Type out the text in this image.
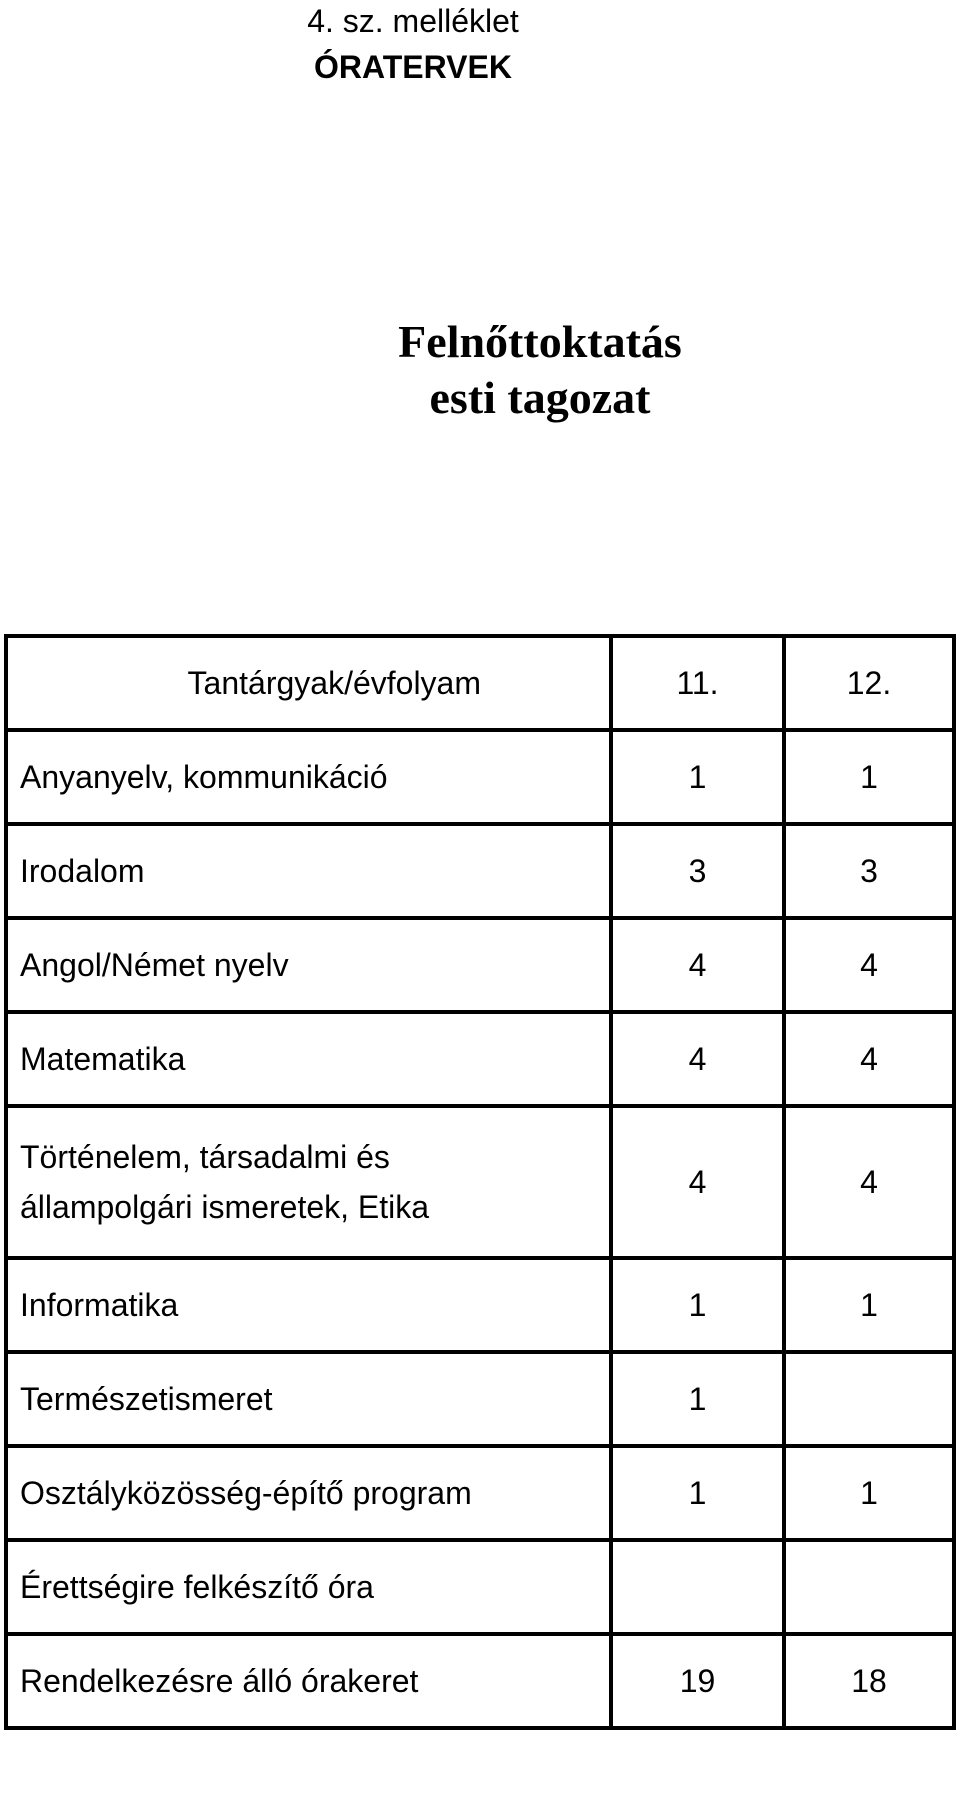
4. sz. melléklet
ÓRATERVEK
Felnőttoktatás
esti tagozat
Tantárgyak/évfolyam	11.	12.
Anyanyelv, kommunikáció	1	1
Irodalom	3	3
Angol/Német nyelv	4	4
Matematika	4	4

Történelem, társadalmi és
állampolgári ismeretek, Etika	4	4
Informatika	1	1
Természetismeret	1	
Osztályközösség-építő program	1	1
Érettségire felkészítő óra		
Rendelkezésre álló órakeret	19	18
